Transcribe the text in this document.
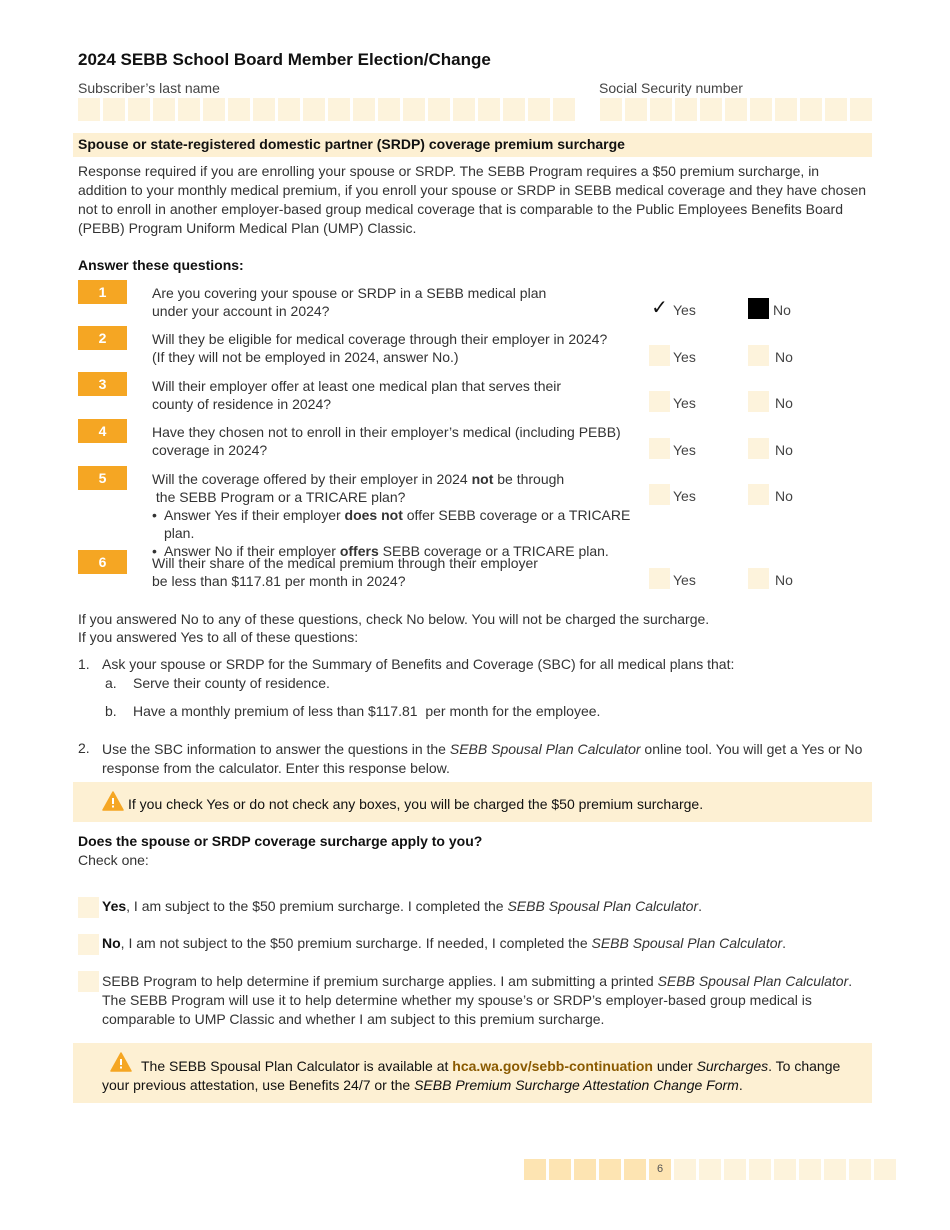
2024 SEBB School Board Member Election/Change
Subscriber’s last name	Social Security number
Spouse or state-registered domestic partner (SRDP) coverage premium surcharge
Response required if you are enrolling your spouse or SRDP. The SEBB Program requires a $50 premium surcharge, in addition to your monthly medical premium, if you enroll your spouse or SRDP in SEBB medical coverage and they have chosen not to enroll in another employer-based group medical coverage that is comparable to the Public Employees Benefits Board (PEBB) Program Uniform Medical Plan (UMP) Classic.
Answer these questions:
1	Are you covering your spouse or SRDP in a SEBB medical plan
under your account in 2024?	✓ Yes	No
2	Will they be eligible for medical coverage through their employer in 2024?
(If they will not be employed in 2024, answer No.)	Yes	No
3	Will their employer offer at least one medical plan that serves their
county of residence in 2024?	Yes	No
4	Have they chosen not to enroll in their employer’s medical (including PEBB)
coverage in 2024?	Yes	No
5	Will the coverage offered by their employer in 2024 not be through
the SEBB Program or a TRICARE plan?
• Answer Yes if their employer does not offer SEBB coverage or a TRICARE plan.
• Answer No if their employer offers SEBB coverage or a TRICARE plan.
Yes	No
6	Will their share of the medical premium through their employer
be less than $117.81 per month in 2024?	Yes	No
If you answered No to any of these questions, check No below. You will not be charged the surcharge.
If you answered Yes to all of these questions:
1. Ask your spouse or SRDP for the Summary of Benefits and Coverage (SBC) for all medical plans that:
a. Serve their county of residence.
b. Have a monthly premium of less than $117.81  per month for the employee.
2. Use the SBC information to answer the questions in the SEBB Spousal Plan Calculator online tool. You will get a Yes or No response from the calculator. Enter this response below.
If you check Yes or do not check any boxes, you will be charged the $50 premium surcharge.
Does the spouse or SRDP coverage surcharge apply to you?
Check one:
Yes, I am subject to the $50 premium surcharge. I completed the SEBB Spousal Plan Calculator.
No, I am not subject to the $50 premium surcharge. If needed, I completed the SEBB Spousal Plan Calculator.
SEBB Program to help determine if premium surcharge applies. I am submitting a printed SEBB Spousal Plan Calculator. The SEBB Program will use it to help determine whether my spouse’s or SRDP’s employer-based group medical is comparable to UMP Classic and whether I am subject to this premium surcharge.
The SEBB Spousal Plan Calculator is available at hca.wa.gov/sebb-continuation under Surcharges. To change your previous attestation, use Benefits 24/7 or the SEBB Premium Surcharge Attestation Change Form.
6
